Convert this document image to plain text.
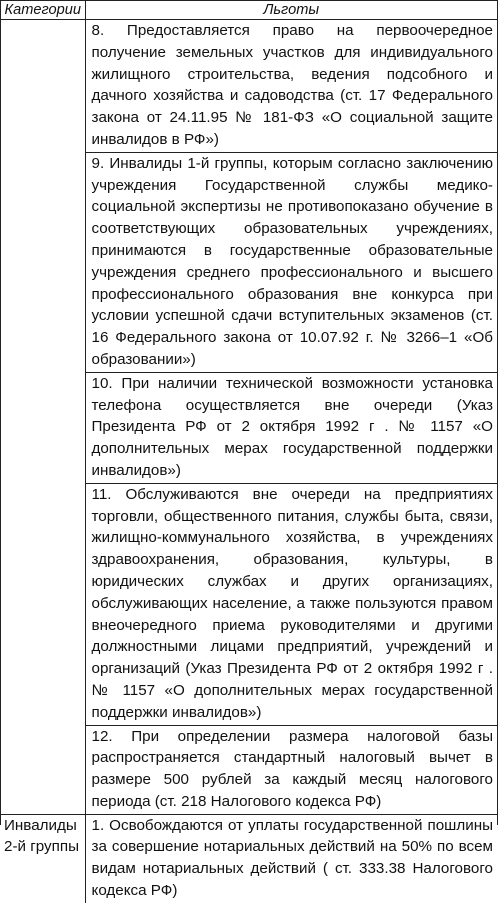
Категории	Льготы

	8. Предоставляется право на первоочередное получение земельных участков для индивидуального жилищного строительства, ведения подсобного и дачного хозяйства и садоводства (ст. 17 Федерального закона от 24.11.95 № 181-ФЗ «О социальной защите инвалидов в РФ»)
9. Инвалиды 1-й группы, которым согласно заключению учреждения Государственной службы медико-социальной экспертизы не противопоказано обучение в соответствующих образовательных учреждениях, принимаются в государственные образовательные учреждения среднего профессионального и высшего профессионального образования вне конкурса при условии успешной сдачи вступительных экзаменов (ст. 16 Федерального закона от 10.07.92 г. № 3266–1 «Об образовании»)
10. При наличии технической возможности установка телефона осуществляется вне очереди (Указ Президента РФ от 2 октября 1992 г . № 1157 «О дополнительных мерах государственной поддержки инвалидов»)
11. Обслуживаются вне очереди на предприятиях торговли, общественного питания, службы быта, связи, жилищно-коммунального хозяйства, в учреждениях здравоохранения, образования, культуры, в юридических службах и других организациях, обслуживающих население, а также пользуются правом внеочередного приема руководителями и другими должностными лицами предприятий, учреждений и организаций (Указ Президента РФ от 2 октября 1992 г . № 1157 «О дополнительных мерах государственной поддержки инвалидов»)
12. При определении размера налоговой базы распространяется стандартный налоговый вычет в размере 500 рублей за каждый месяц налогового периода (ст. 218 Налогового кодекса РФ)

Инвалиды 2-й группы	1. Освобождаются от уплаты государственной пошлины за совершение нотариальных действий на 50% по всем видам нотариальных действий ( ст. 333.38 Налогового кодекса РФ)
